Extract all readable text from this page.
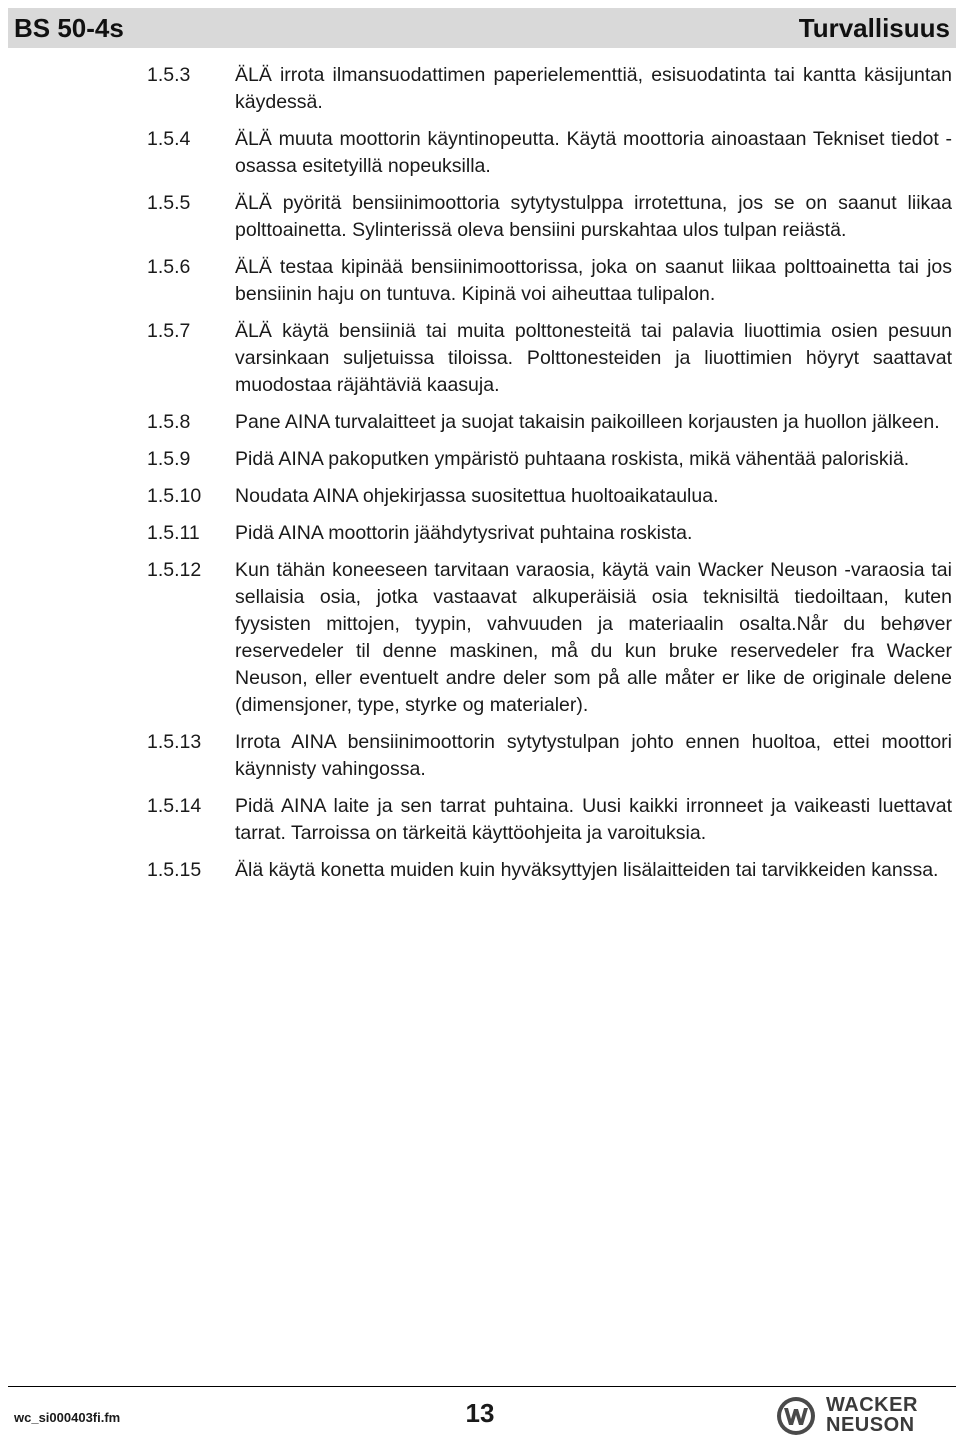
BS 50-4s	Turvallisuus
1.5.3	ÄLÄ irrota ilmansuodattimen paperielementtiä, esisuodatinta tai kantta käsijuntan käydessä.
1.5.4	ÄLÄ muuta moottorin käyntinopeutta. Käytä moottoria ainoastaan Tekniset tiedot -osassa esitetyillä nopeuksilla.
1.5.5	ÄLÄ pyöritä bensiinimoottoria sytytystulppa irrotettuna, jos se on saanut liikaa polttoainetta. Sylinterissä oleva bensiini purskahtaa ulos tulpan reiästä.
1.5.6	ÄLÄ testaa kipinää bensiinimoottorissa, joka on saanut liikaa polttoainetta tai jos bensiinin haju on tuntuva. Kipinä voi aiheuttaa tulipalon.
1.5.7	ÄLÄ käytä bensiiniä tai muita polttonesteitä tai palavia liuottimia osien pesuun varsinkaan suljetuissa tiloissa. Polttonesteiden ja liuottimien höyryt saattavat muodostaa räjähtäviä kaasuja.
1.5.8	Pane AINA turvalaitteet ja suojat takaisin paikoilleen korjausten ja huollon jälkeen.
1.5.9	Pidä AINA pakoputken ympäristö puhtaana roskista, mikä vähentää paloriskiä.
1.5.10	Noudata AINA ohjekirjassa suositettua huoltoaikataulua.
1.5.11	Pidä AINA moottorin jäähdytysrivat puhtaina roskista.
1.5.12	Kun tähän koneeseen tarvitaan varaosia, käytä vain Wacker Neuson -varaosia tai sellaisia osia, jotka vastaavat alkuperäisiä osia teknisiltä tiedoiltaan, kuten fyysisten mittojen, tyypin, vahvuuden ja materiaalin osalta.Når du behøver reservedeler til denne maskinen, må du kun bruke reservedeler fra Wacker Neuson, eller eventuelt andre deler som på alle måter er like de originale delene (dimensjoner, type, styrke og materialer).
1.5.13	Irrota AINA bensiinimoottorin sytytystulpan johto ennen huoltoa, ettei moottori käynnisty vahingossa.
1.5.14	Pidä AINA laite ja sen tarrat puhtaina. Uusi kaikki irronneet ja vaikeasti luettavat tarrat. Tarroissa on tärkeitä käyttöohjeita ja varoituksia.
1.5.15	Älä käytä konetta muiden kuin hyväksyttyjen lisälaitteiden tai tarvikkeiden kanssa.
wc_si000403fi.fm	13	WACKER
NEUSON
